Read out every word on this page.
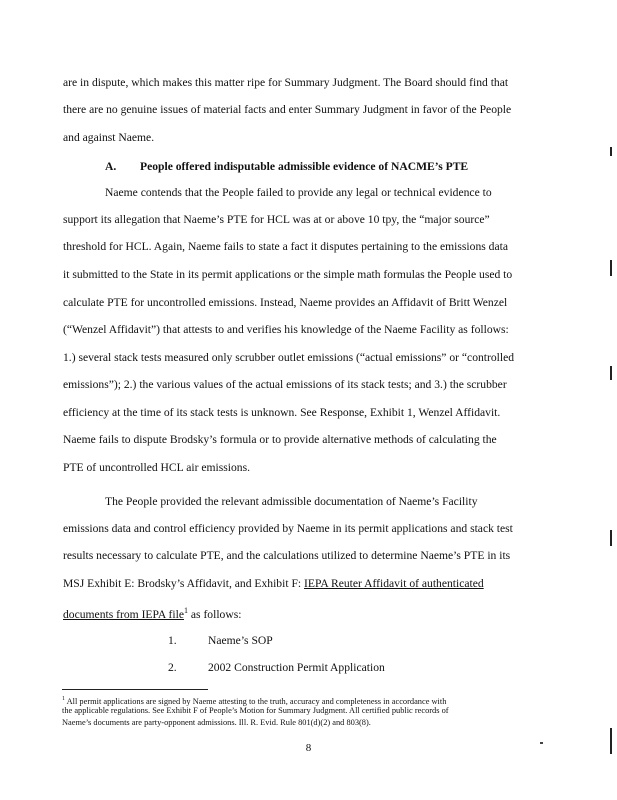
are in dispute, which makes this matter ripe for Summary Judgment. The Board should find that
there are no genuine issues of material facts and enter Summary Judgment in favor of the People
and against Naeme.
A. People offered indisputable admissible evidence of NACME’s PTE
Naeme contends that the People failed to provide any legal or technical evidence to
support its allegation that Naeme’s PTE for HCL was at or above 10 tpy, the “major source”
threshold for HCL. Again, Naeme fails to state a fact it disputes pertaining to the emissions data
it submitted to the State in its permit applications or the simple math formulas the People used to
calculate PTE for uncontrolled emissions. Instead, Naeme provides an Affidavit of Britt Wenzel
(“Wenzel Affidavit”) that attests to and verifies his knowledge of the Naeme Facility as follows:
1.) several stack tests measured only scrubber outlet emissions (“actual emissions” or “controlled
emissions”); 2.) the various values of the actual emissions of its stack tests; and 3.) the scrubber
efficiency at the time of its stack tests is unknown. See Response, Exhibit 1, Wenzel Affidavit.
Naeme fails to dispute Brodsky’s formula or to provide alternative methods of calculating the
PTE of uncontrolled HCL air emissions.
The People provided the relevant admissible documentation of Naeme’s Facility
emissions data and control efficiency provided by Naeme in its permit applications and stack test
results necessary to calculate PTE, and the calculations utilized to determine Naeme’s PTE in its
MSJ Exhibit E: Brodsky’s Affidavit, and Exhibit F: IEPA Reuter Affidavit of authenticated
documents from IEPA file$^1$ as follows:
1.	Naeme’s SOP
2.	2002 Construction Permit Application
$^1$ All permit applications are signed by Naeme attesting to the truth, accuracy and completeness in accordance with
the applicable regulations. See Exhibit F of People’s Motion for Summary Judgment. All certified public records of
Naeme’s documents are party-opponent admissions. Ill. R. Evid. Rule 801(d)(2) and 803(8).
8
